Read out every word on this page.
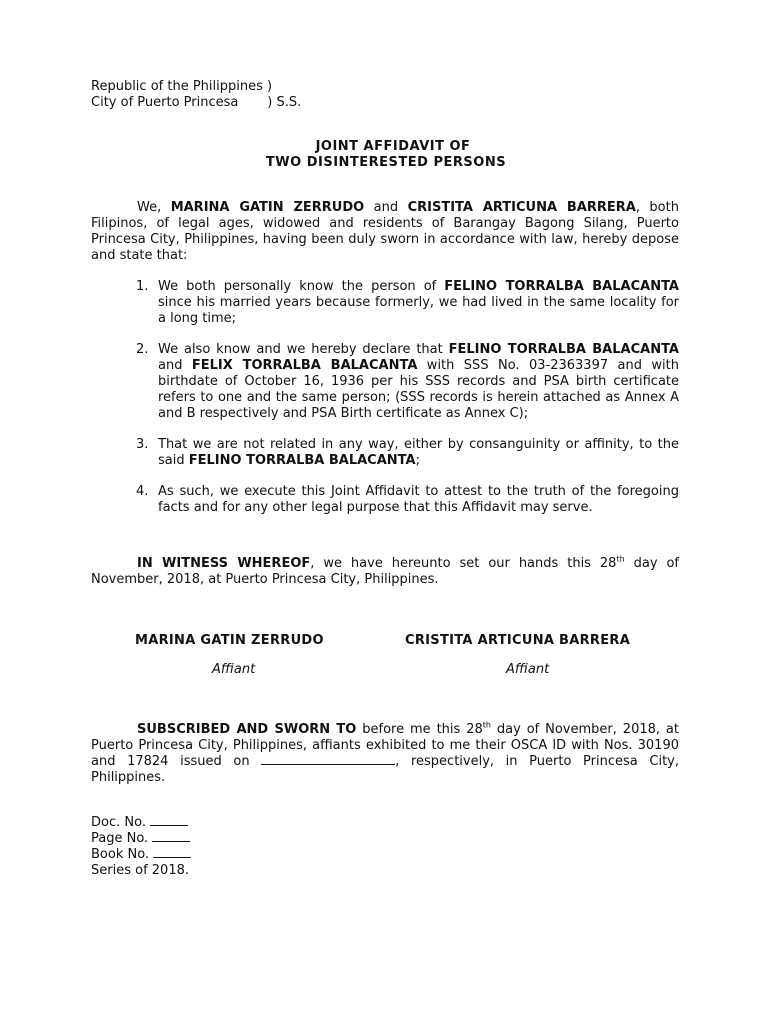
Republic of the Philippines )
City of Puerto Princesa       ) S.S.
JOINT AFFIDAVIT OF
TWO DISINTERESTED PERSONS

We, MARINA GATIN ZERRUDO and CRISTITA ARTICUNA BARRERA, both Filipinos, of legal ages, widowed and residents of Barangay Bagong Silang, Puerto Princesa City, Philippines, having been duly sworn in accordance with law, hereby depose and state that:

1. We both personally know the person of FELINO TORRALBA BALACANTA since his married years because formerly, we had lived in the same locality for a long time;
2. We also know and we hereby declare that FELINO TORRALBA BALACANTA and FELIX TORRALBA BALACANTA with SSS No. 03-2363397 and with birthdate of October 16, 1936 per his SSS records and PSA birth certificate refers to one and the same person; (SSS records is herein attached as Annex A and B respectively and PSA Birth certificate as Annex C);
3. That we are not related in any way, either by consanguinity or affinity, to the said FELINO TORRALBA BALACANTA;
4. As such, we execute this Joint Affidavit to attest to the truth of the foregoing facts and for any other legal purpose that this Affidavit may serve.

IN WITNESS WHEREOF, we have hereunto set our hands this 28th day of November, 2018, at Puerto Princesa City, Philippines.

MARINA GATIN ZERRUDO	CRISTITA ARTICUNA BARRERA
Affiant	Affiant

SUBSCRIBED AND SWORN TO before me this 28th day of November, 2018, at Puerto Princesa City, Philippines, affiants exhibited to me their OSCA ID with Nos. 30190 and 17824 issued on	, respectively, in Puerto Princesa City, Philippines.

Doc. No.
Page No.
Book No.
Series of 2018.
